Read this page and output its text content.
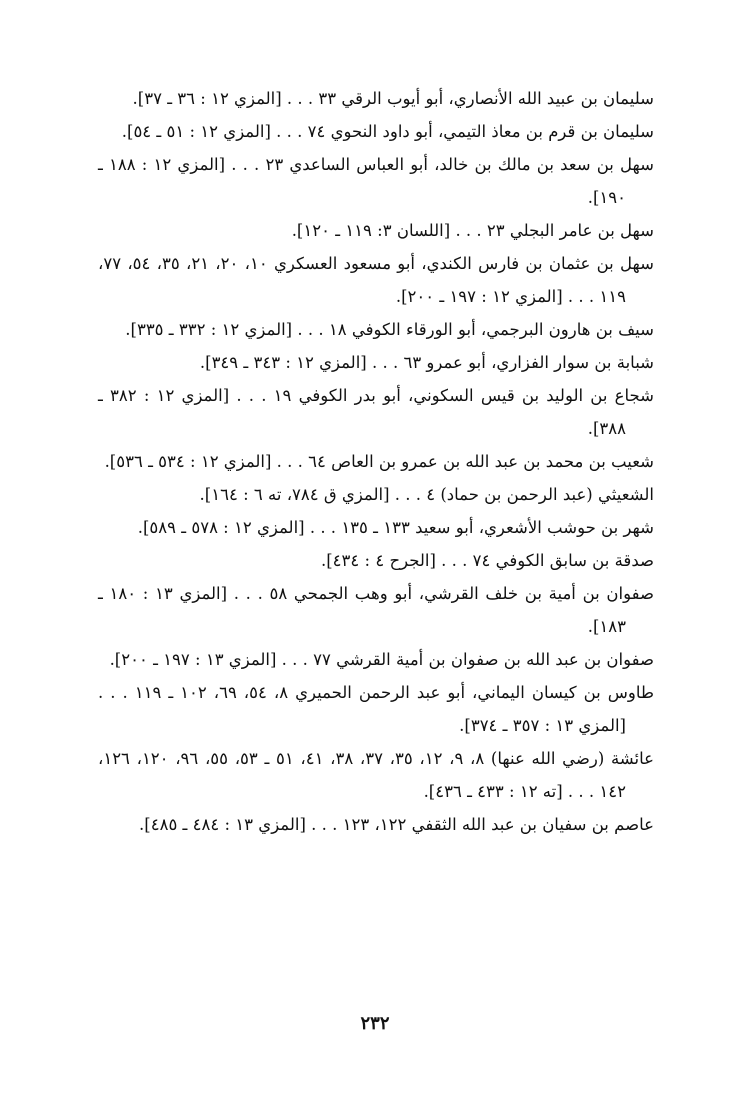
سليمان بن عبيد الله الأنصاري، أبو أيوب الرقي ٣٣ . . . [المزي ١٢ : ٣٦ ـ ٣٧].

سليمان بن قرم بن معاذ التيمي، أبو داود النحوي ٧٤ . . . [المزي ١٢ : ٥١ ـ ٥٤].

سهل بن سعد بن مالك بن خالد، أبو العباس الساعدي ٢٣ . . . [المزي ١٢ : ١٨٨ ـ ١٩٠].

سهل بن عامر البجلي ٢٣ . . . [اللسان ٣: ١١٩ ـ ١٢٠].

سهل بن عثمان بن فارس الكندي، أبو مسعود العسكري ١٠، ٢٠، ٢١، ٣٥، ٥٤، ٧٧، ١١٩ . . . [المزي ١٢ : ١٩٧ ـ ٢٠٠].

سيف بن هارون البرجمي، أبو الورقاء الكوفي ١٨ . . . [المزي ١٢ : ٣٣٢ ـ ٣٣٥].

شبابة بن سوار الفزاري، أبو عمرو ٦٣ . . . [المزي ١٢ : ٣٤٣ ـ ٣٤٩].

شجاع بن الوليد بن قيس السكوني، أبو بدر الكوفي ١٩ . . . [المزي ١٢ : ٣٨٢ ـ ٣٨٨].

شعيب بن محمد بن عبد الله بن عمرو بن العاص ٦٤ . . . [المزي ١٢ : ٥٣٤ ـ ٥٣٦].

الشعيثي (عبد الرحمن بن حماد) ٤ . . . [المزي ق ٧٨٤، ته ٦ : ١٦٤].

شهر بن حوشب الأشعري، أبو سعيد ١٣٣ ـ ١٣٥ . . . [المزي ١٢ : ٥٧٨ ـ ٥٨٩].

صدقة بن سابق الكوفي ٧٤ . . . [الجرح ٤ : ٤٣٤].

صفوان بن أمية بن خلف القرشي، أبو وهب الجمحي ٥٨ . . . [المزي ١٣ : ١٨٠ ـ ١٨٣].

صفوان بن عبد الله بن صفوان بن أمية القرشي ٧٧ . . . [المزي ١٣ : ١٩٧ ـ ٢٠٠].

طاوس بن كيسان اليماني، أبو عبد الرحمن الحميري ٨، ٥٤، ٦٩، ١٠٢ ـ ١١٩ . . . [المزي ١٣ : ٣٥٧ ـ ٣٧٤].

عائشة (رضي الله عنها) ٨، ٩، ١٢، ٣٥، ٣٧، ٣٨، ٤١، ٥١ ـ ٥٣، ٥٥، ٩٦، ١٢٠، ١٢٦، ١٤٢ . . . [ته ١٢ : ٤٣٣ ـ ٤٣٦].

عاصم بن سفيان بن عبد الله الثقفي ١٢٢، ١٢٣ . . . [المزي ١٣ : ٤٨٤ ـ ٤٨٥].

٢٣٢
